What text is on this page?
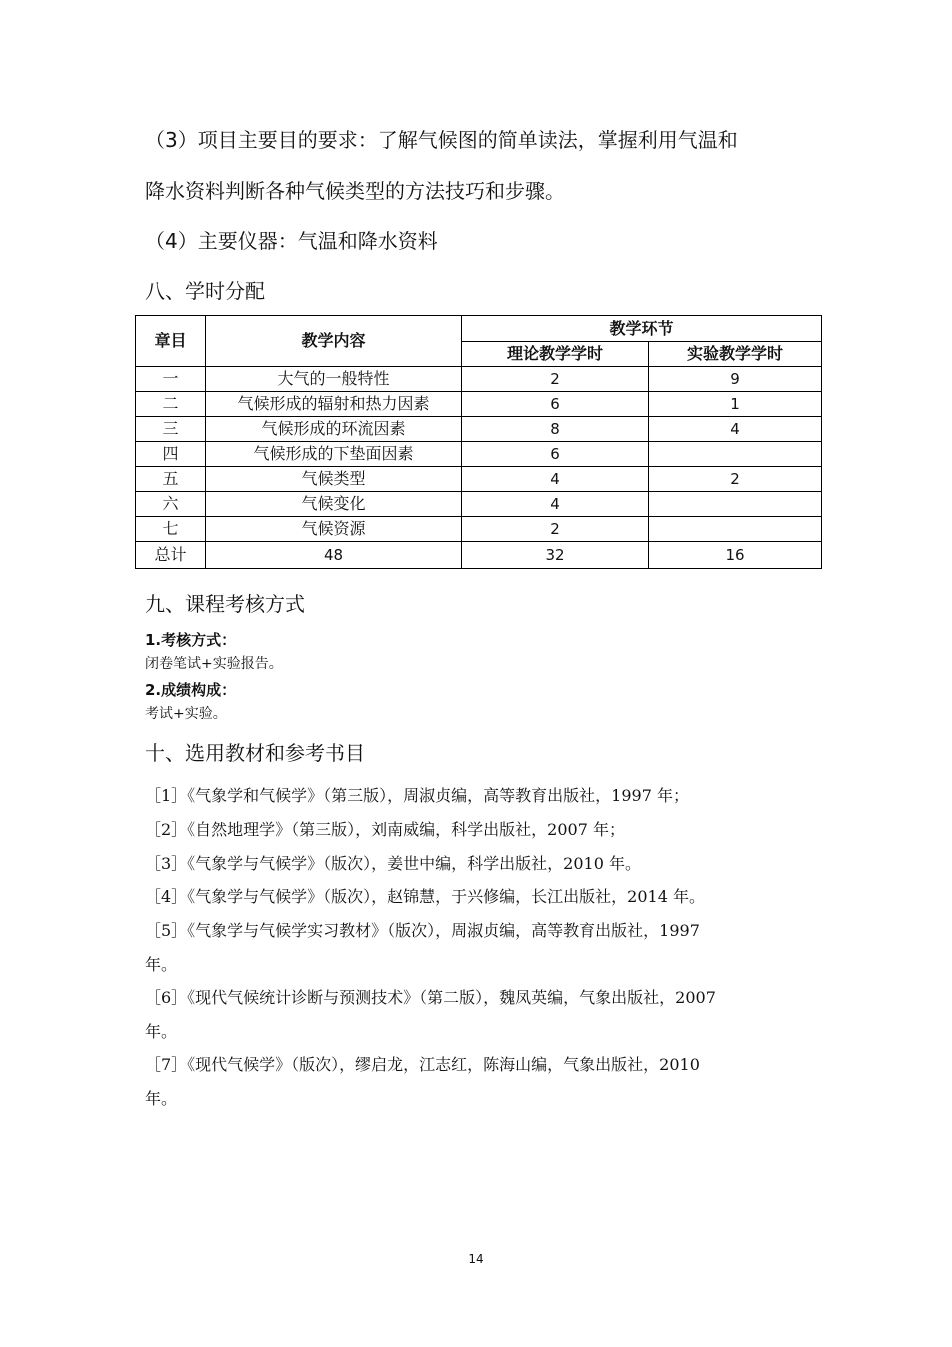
（3）项目主要目的要求：了解气候图的简单读法，掌握利用气温和
降水资料判断各种气候类型的方法技巧和步骤。
（4）主要仪器：气温和降水资料
八、学时分配
章目	教学内容	教学环节	
		理论教学学时	实验教学学时
一	大气的一般特性	2	9
二	气候形成的辐射和热力因素	6	1
三	气候形成的环流因素	8	4
四	气候形成的下垫面因素	6	
五	气候类型	4	2
六	气候变化	4	
七	气候资源	2	
总计	48	32	16
九、课程考核方式
1.考核方式：
闭卷笔试+实验报告。
2.成绩构成：
考试+实验。
十、选用教材和参考书目
［1］《气象学和气候学》（第三版），周淑贞编，高等教育出版社，1997 年；
［2］《自然地理学》（第三版），刘南威编，科学出版社，2007 年；
［3］《气象学与气候学》（版次），姜世中编，科学出版社，2010 年。
［4］《气象学与气候学》（版次），赵锦慧，于兴修编，长江出版社，2014 年。
［5］《气象学与气候学实习教材》（版次），周淑贞编，高等教育出版社，1997
年。
［6］《现代气候统计诊断与预测技术》（第二版），魏凤英编，气象出版社，2007
年。
［7］《现代气候学》（版次），缪启龙，江志红，陈海山编，气象出版社，2010
年。
14
